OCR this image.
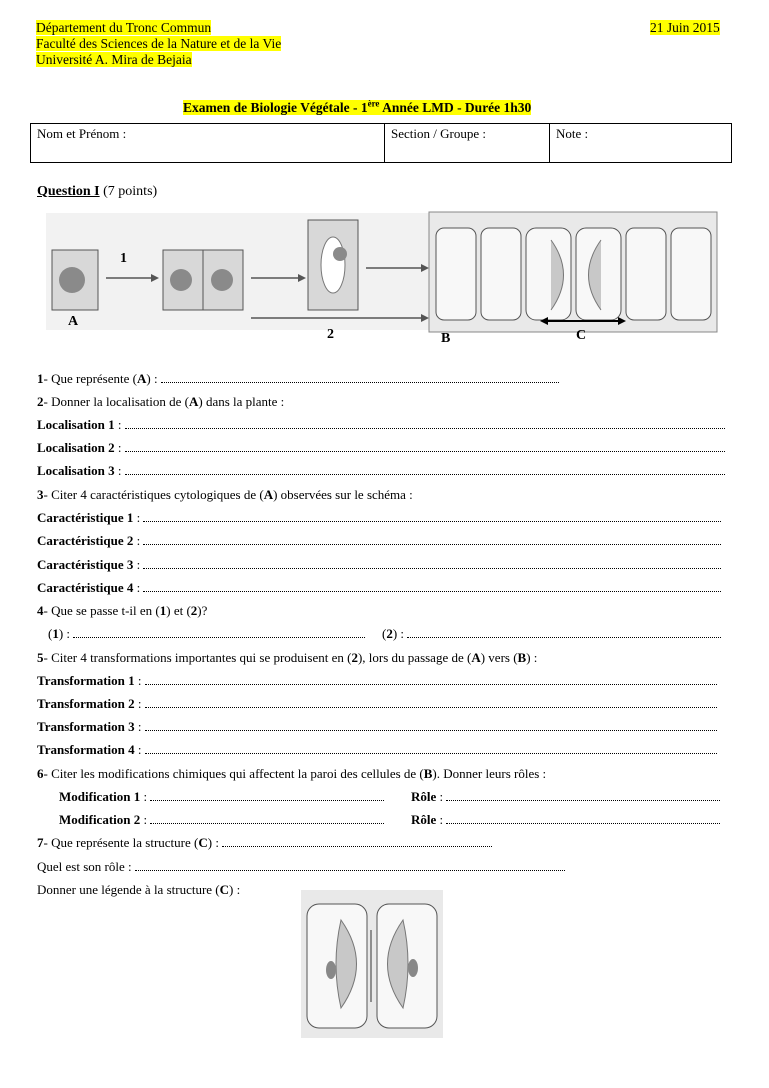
Département du Tronc Commun
Faculté des Sciences de la Nature et de la Vie
Université A. Mira de Bejaia
21 Juin 2015
Examen de Biologie Végétale - 1ère Année LMD - Durée 1h30
Nom et Prénom :	Section / Groupe :	Note :
Question I (7 points)
1
A
2	B	C
1 - Que représente ( A ) :
2 - Donner la localisation de ( A ) dans la plante :
Localisation 1 :
Localisation 2 :
Localisation 3 :
3 - Citer 4 caractéristiques cytologiques de ( A ) observées sur le schéma :
Caractéristique 1 :
Caractéristique 2 :
Caractéristique 3 :
Caractéristique 4 :
4 - Que se passe t-il en ( 1 ) et ( 2 )?
( 1 ) :	( 2 ) :
5 - Citer 4 transformations importantes qui se produisent en ( 2 ), lors du passage de ( A ) vers ( B ) :
Transformation 1 :
Transformation 2 :
Transformation 3 :
Transformation 4 :
6 - Citer les modifications chimiques qui affectent la paroi des cellules de ( B ). Donner leurs rôles :
Modification 1 :	Rôle :
Modification 2 :	Rôle :
7 - Que représente la structure ( C ) :
Quel est son rôle :
Donner une légende à la structure ( C ) :
